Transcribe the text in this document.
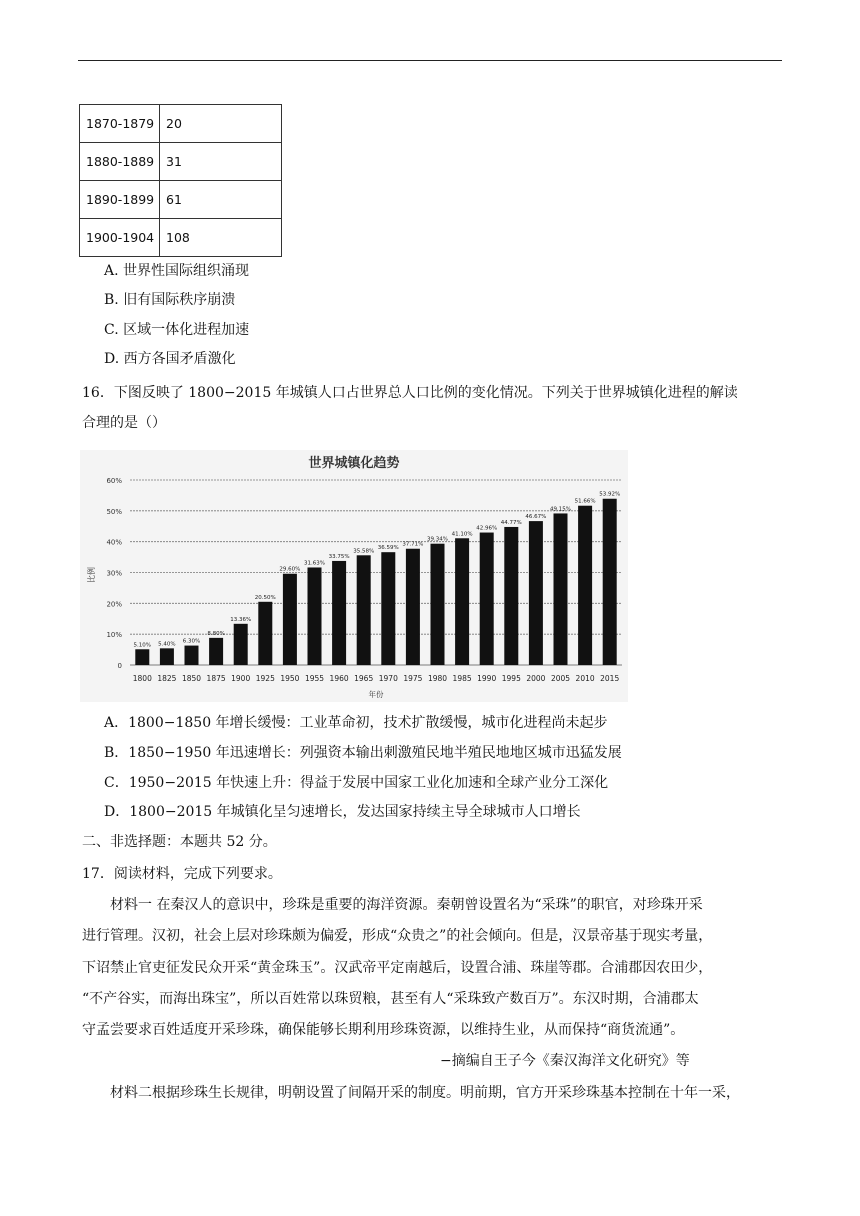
1870-1879	20
1880-1889	31
1890-1899	61
1900-1904	108
A. 世界性国际组织涌现
B. 旧有国际秩序崩溃
C. 区域一体化进程加速
D. 西方各国矛盾激化
16．下图反映了 1800−2015 年城镇人口占世界总人口比例的变化情况。下列关于世界城镇化进程的解读
合理的是（）
世界城镇化趋势
0
10%
20%
30%
40%
50%
60%
比例
5.10%
1800
5.40%
1825
6.30%
1850
8.80%
1875
13.36%
1900
20.50%
1925
29.60%
1950
31.63%
1955
33.75%
1960
35.58%
1965
36.59%
1970
37.71%
1975
39.34%
1980
41.10%
1985
42.96%
1990
44.77%
1995
46.67%
2000
49.15%
2005
51.66%
2010
53.92%
2015
年份
A．1800−1850 年增长缓慢：工业革命初，技术扩散缓慢，城市化进程尚未起步
B．1850−1950 年迅速增长：列强资本输出刺激殖民地半殖民地地区城市迅猛发展
C．1950−2015 年快速上升：得益于发展中国家工业化加速和全球产业分工深化
D．1800−2015 年城镇化呈匀速增长，发达国家持续主导全球城市人口增长
二、非选择题：本题共 52 分。
17．阅读材料，完成下列要求。
材料一 在秦汉人的意识中，珍珠是重要的海洋资源。秦朝曾设置名为“采珠”的职官，对珍珠开采
进行管理。汉初，社会上层对珍珠颇为偏爱，形成“众贵之”的社会倾向。但是，汉景帝基于现实考量，
下诏禁止官吏征发民众开采“黄金珠玉”。汉武帝平定南越后，设置合浦、珠崖等郡。合浦郡因农田少，
“不产谷实，而海出珠宝”，所以百姓常以珠贸粮，甚至有人“采珠致产数百万”。东汉时期，合浦郡太
守孟尝要求百姓适度开采珍珠，确保能够长期利用珍珠资源，以维持生业，从而保持“商货流通”。
−摘编自王子今《秦汉海洋文化研究》等
材料二根据珍珠生长规律，明朝设置了间隔开采的制度。明前期，官方开采珍珠基本控制在十年一采，
